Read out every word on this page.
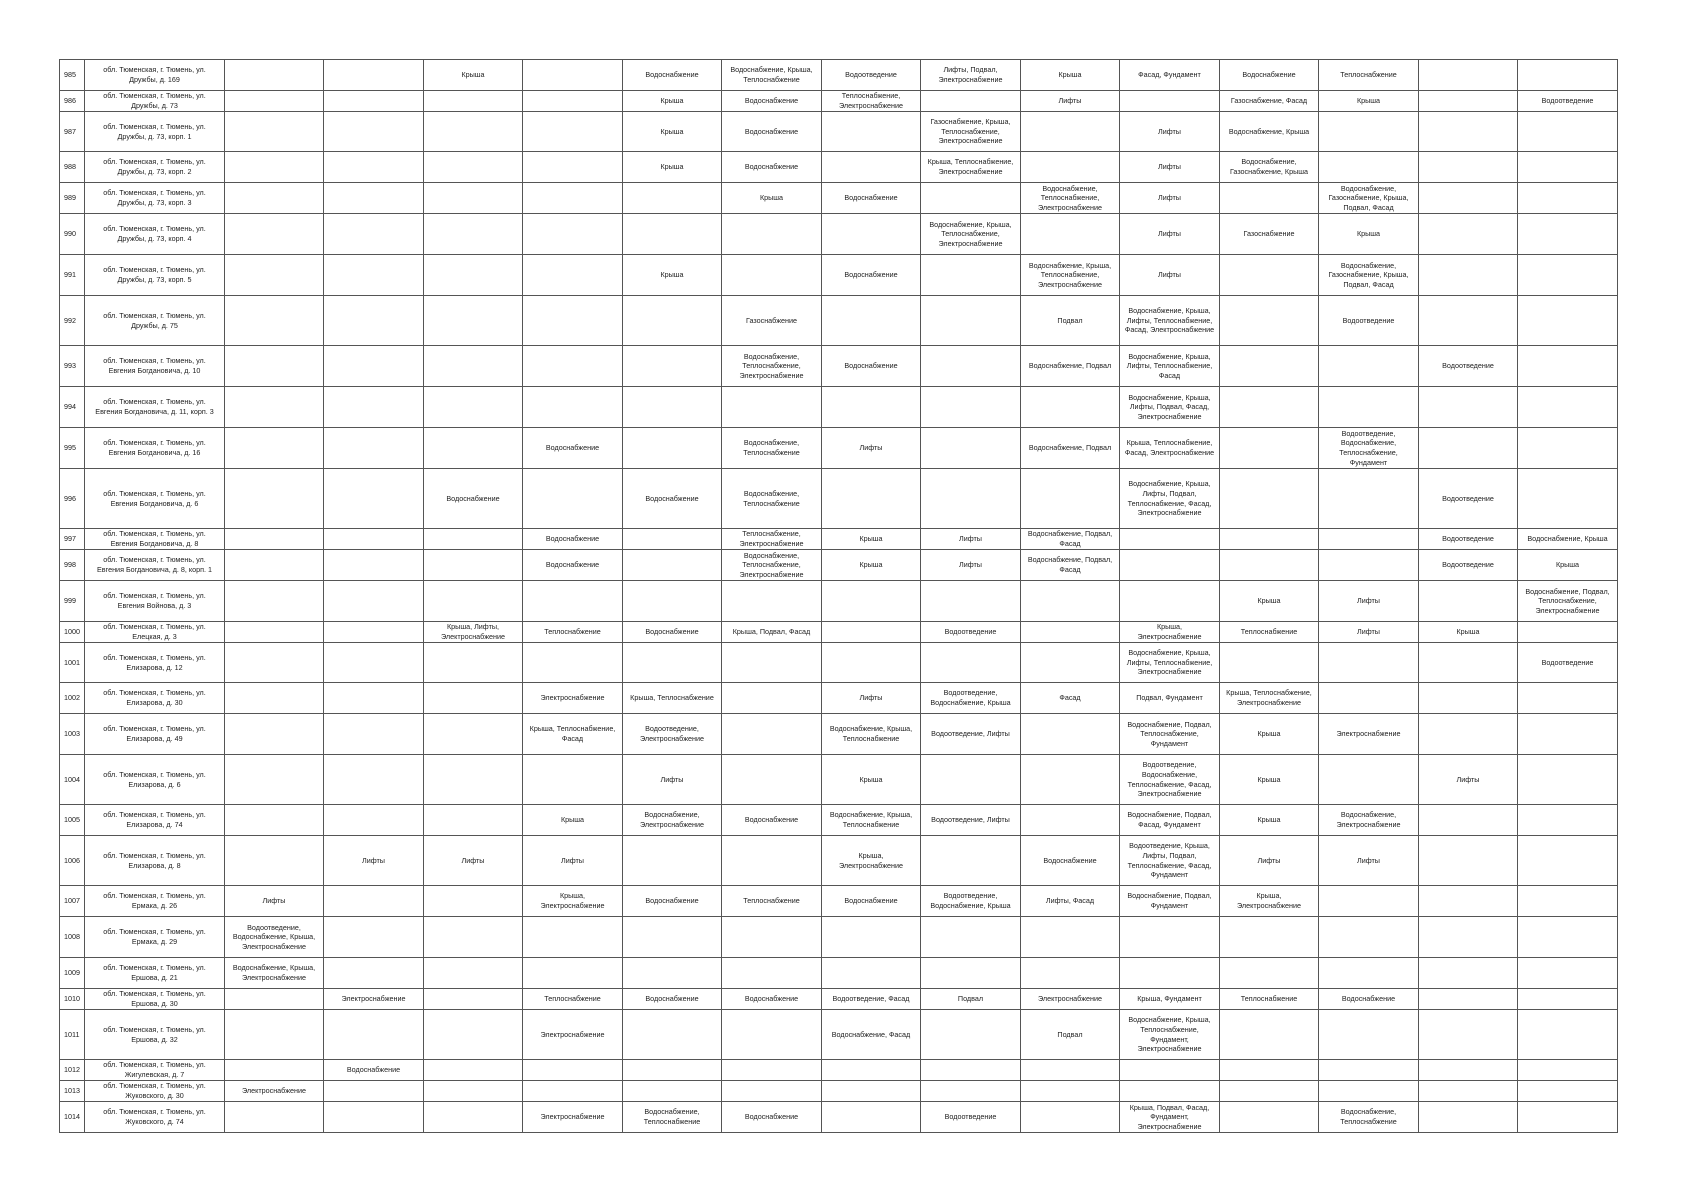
985	обл. Тюменская, г. Тюмень, ул.
Дружбы, д. 169			Крыша		Водоснабжение	Водоснабжение, Крыша,
Теплоснабжение	Водоотведение	Лифты, Подвал,
Электроснабжение	Крыша	Фасад, Фундамент	Водоснабжение	Теплоснабжение		
986	обл. Тюменская, г. Тюмень, ул.
Дружбы, д. 73					Крыша	Водоснабжение	Теплоснабжение,
Электроснабжение		Лифты		Газоснабжение, Фасад	Крыша		Водоотведение
987	обл. Тюменская, г. Тюмень, ул.
Дружбы, д. 73, корп. 1					Крыша	Водоснабжение		Газоснабжение, Крыша,
Теплоснабжение,
Электроснабжение		Лифты	Водоснабжение, Крыша			
988	обл. Тюменская, г. Тюмень, ул.
Дружбы, д. 73, корп. 2					Крыша	Водоснабжение		Крыша, Теплоснабжение,
Электроснабжение		Лифты	Водоснабжение,
Газоснабжение, Крыша			
989	обл. Тюменская, г. Тюмень, ул.
Дружбы, д. 73, корп. 3						Крыша	Водоснабжение		Водоснабжение,
Теплоснабжение,
Электроснабжение	Лифты		Водоснабжение,
Газоснабжение, Крыша,
Подвал, Фасад		
990	обл. Тюменская, г. Тюмень, ул.
Дружбы, д. 73, корп. 4								Водоснабжение, Крыша,
Теплоснабжение,
Электроснабжение		Лифты	Газоснабжение	Крыша		
991	обл. Тюменская, г. Тюмень, ул.
Дружбы, д. 73, корп. 5					Крыша		Водоснабжение		Водоснабжение, Крыша,
Теплоснабжение,
Электроснабжение	Лифты		Водоснабжение,
Газоснабжение, Крыша,
Подвал, Фасад		
992	обл. Тюменская, г. Тюмень, ул.
Дружбы, д. 75						Газоснабжение			Подвал	Водоснабжение, Крыша,
Лифты, Теплоснабжение,
Фасад, Электроснабжение		Водоотведение		
993	обл. Тюменская, г. Тюмень, ул.
Евгения Богдановича, д. 10						Водоснабжение,
Теплоснабжение,
Электроснабжение	Водоснабжение		Водоснабжение, Подвал	Водоснабжение, Крыша,
Лифты, Теплоснабжение,
Фасад			Водоотведение	
994	обл. Тюменская, г. Тюмень, ул.
Евгения Богдановича, д. 11, корп. 3										Водоснабжение, Крыша,
Лифты, Подвал, Фасад,
Электроснабжение				
995	обл. Тюменская, г. Тюмень, ул.
Евгения Богдановича, д. 16				Водоснабжение		Водоснабжение,
Теплоснабжение	Лифты		Водоснабжение, Подвал	Крыша, Теплоснабжение,
Фасад, Электроснабжение		Водоотведение,
Водоснабжение,
Теплоснабжение,
Фундамент		
996	обл. Тюменская, г. Тюмень, ул.
Евгения Богдановича, д. 6			Водоснабжение		Водоснабжение	Водоснабжение,
Теплоснабжение				Водоснабжение, Крыша,
Лифты, Подвал,
Теплоснабжение, Фасад,
Электроснабжение			Водоотведение	
997	обл. Тюменская, г. Тюмень, ул.
Евгения Богдановича, д. 8				Водоснабжение		Теплоснабжение,
Электроснабжение	Крыша	Лифты	Водоснабжение, Подвал,
Фасад				Водоотведение	Водоснабжение, Крыша
998	обл. Тюменская, г. Тюмень, ул.
Евгения Богдановича, д. 8, корп. 1				Водоснабжение		Водоснабжение,
Теплоснабжение,
Электроснабжение	Крыша	Лифты	Водоснабжение, Подвал,
Фасад				Водоотведение	Крыша
999	обл. Тюменская, г. Тюмень, ул.
Евгения Войнова, д. 3											Крыша	Лифты		Водоснабжение, Подвал,
Теплоснабжение,
Электроснабжение
1000	обл. Тюменская, г. Тюмень, ул.
Елецкая, д. 3			Крыша, Лифты,
Электроснабжение	Теплоснабжение	Водоснабжение	Крыша, Подвал, Фасад		Водоотведение		Крыша,
Электроснабжение	Теплоснабжение	Лифты	Крыша	
1001	обл. Тюменская, г. Тюмень, ул.
Елизарова, д. 12										Водоснабжение, Крыша,
Лифты, Теплоснабжение,
Электроснабжение				Водоотведение
1002	обл. Тюменская, г. Тюмень, ул.
Елизарова, д. 30				Электроснабжение	Крыша, Теплоснабжение		Лифты	Водоотведение,
Водоснабжение, Крыша	Фасад	Подвал, Фундамент	Крыша, Теплоснабжение,
Электроснабжение			
1003	обл. Тюменская, г. Тюмень, ул.
Елизарова, д. 49				Крыша, Теплоснабжение,
Фасад	Водоотведение,
Электроснабжение		Водоснабжение, Крыша,
Теплоснабжение	Водоотведение, Лифты		Водоснабжение, Подвал,
Теплоснабжение,
Фундамент	Крыша	Электроснабжение		
1004	обл. Тюменская, г. Тюмень, ул.
Елизарова, д. 6					Лифты		Крыша			Водоотведение,
Водоснабжение,
Теплоснабжение, Фасад,
Электроснабжение	Крыша		Лифты	
1005	обл. Тюменская, г. Тюмень, ул.
Елизарова, д. 74				Крыша	Водоснабжение,
Электроснабжение	Водоснабжение	Водоснабжение, Крыша,
Теплоснабжение	Водоотведение, Лифты		Водоснабжение, Подвал,
Фасад, Фундамент	Крыша	Водоснабжение,
Электроснабжение		
1006	обл. Тюменская, г. Тюмень, ул.
Елизарова, д. 8		Лифты	Лифты	Лифты			Крыша,
Электроснабжение		Водоснабжение	Водоотведение, Крыша,
Лифты, Подвал,
Теплоснабжение, Фасад,
Фундамент	Лифты	Лифты		
1007	обл. Тюменская, г. Тюмень, ул.
Ермака, д. 26	Лифты			Крыша,
Электроснабжение	Водоснабжение	Теплоснабжение	Водоснабжение	Водоотведение,
Водоснабжение, Крыша	Лифты, Фасад	Водоснабжение, Подвал,
Фундамент	Крыша,
Электроснабжение			
1008	обл. Тюменская, г. Тюмень, ул.
Ермака, д. 29	Водоотведение,
Водоснабжение, Крыша,
Электроснабжение													
1009	обл. Тюменская, г. Тюмень, ул.
Ершова, д. 21	Водоснабжение, Крыша,
Электроснабжение													
1010	обл. Тюменская, г. Тюмень, ул.
Ершова, д. 30		Электроснабжение		Теплоснабжение	Водоснабжение	Водоснабжение	Водоотведение, Фасад	Подвал	Электроснабжение	Крыша, Фундамент	Теплоснабжение	Водоснабжение		
1011	обл. Тюменская, г. Тюмень, ул.
Ершова, д. 32				Электроснабжение			Водоснабжение, Фасад		Подвал	Водоснабжение, Крыша,
Теплоснабжение,
Фундамент,
Электроснабжение				
1012	обл. Тюменская, г. Тюмень, ул.
Жигулевская, д. 7		Водоснабжение												
1013	обл. Тюменская, г. Тюмень, ул.
Жуковского, д. 30	Электроснабжение													
1014	обл. Тюменская, г. Тюмень, ул.
Жуковского, д. 74				Электроснабжение	Водоснабжение,
Теплоснабжение	Водоснабжение		Водоотведение		Крыша, Подвал, Фасад,
Фундамент,
Электроснабжение		Водоснабжение,
Теплоснабжение		
